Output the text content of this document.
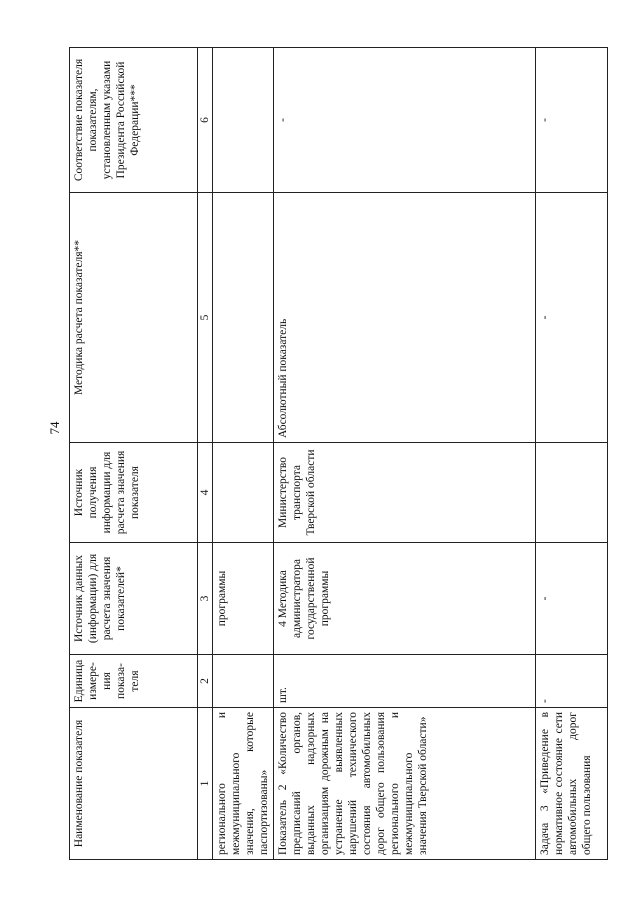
74
Наименование показателя	Единица измере-ния показа-теля	Источник данных (информации) для расчета значения показателей*	Источник получения информации для расчета значения показателя	Методика расчета показателя**	Соответствие показателя показателям, установленным указами Президента Российской Федерации***
1	2	3	4	5	6
регионального и межмуниципального значения, которые паспортизованы»		программы			
Показатель 2 «Количество предписаний органов, выданных надзорных организациям дорожным на устранение выявленных нарушений технического состояния автомобильных дорог общего пользования регионального и межмуниципального значения Тверской области»	шт.	4 Методика администратора государственной программы	Министерство транспорта Тверской области	Абсолютный показатель	-
Задача 3 «Приведение в нормативное состояние сети автомобильных дорог общего пользования	-	-		-	-
